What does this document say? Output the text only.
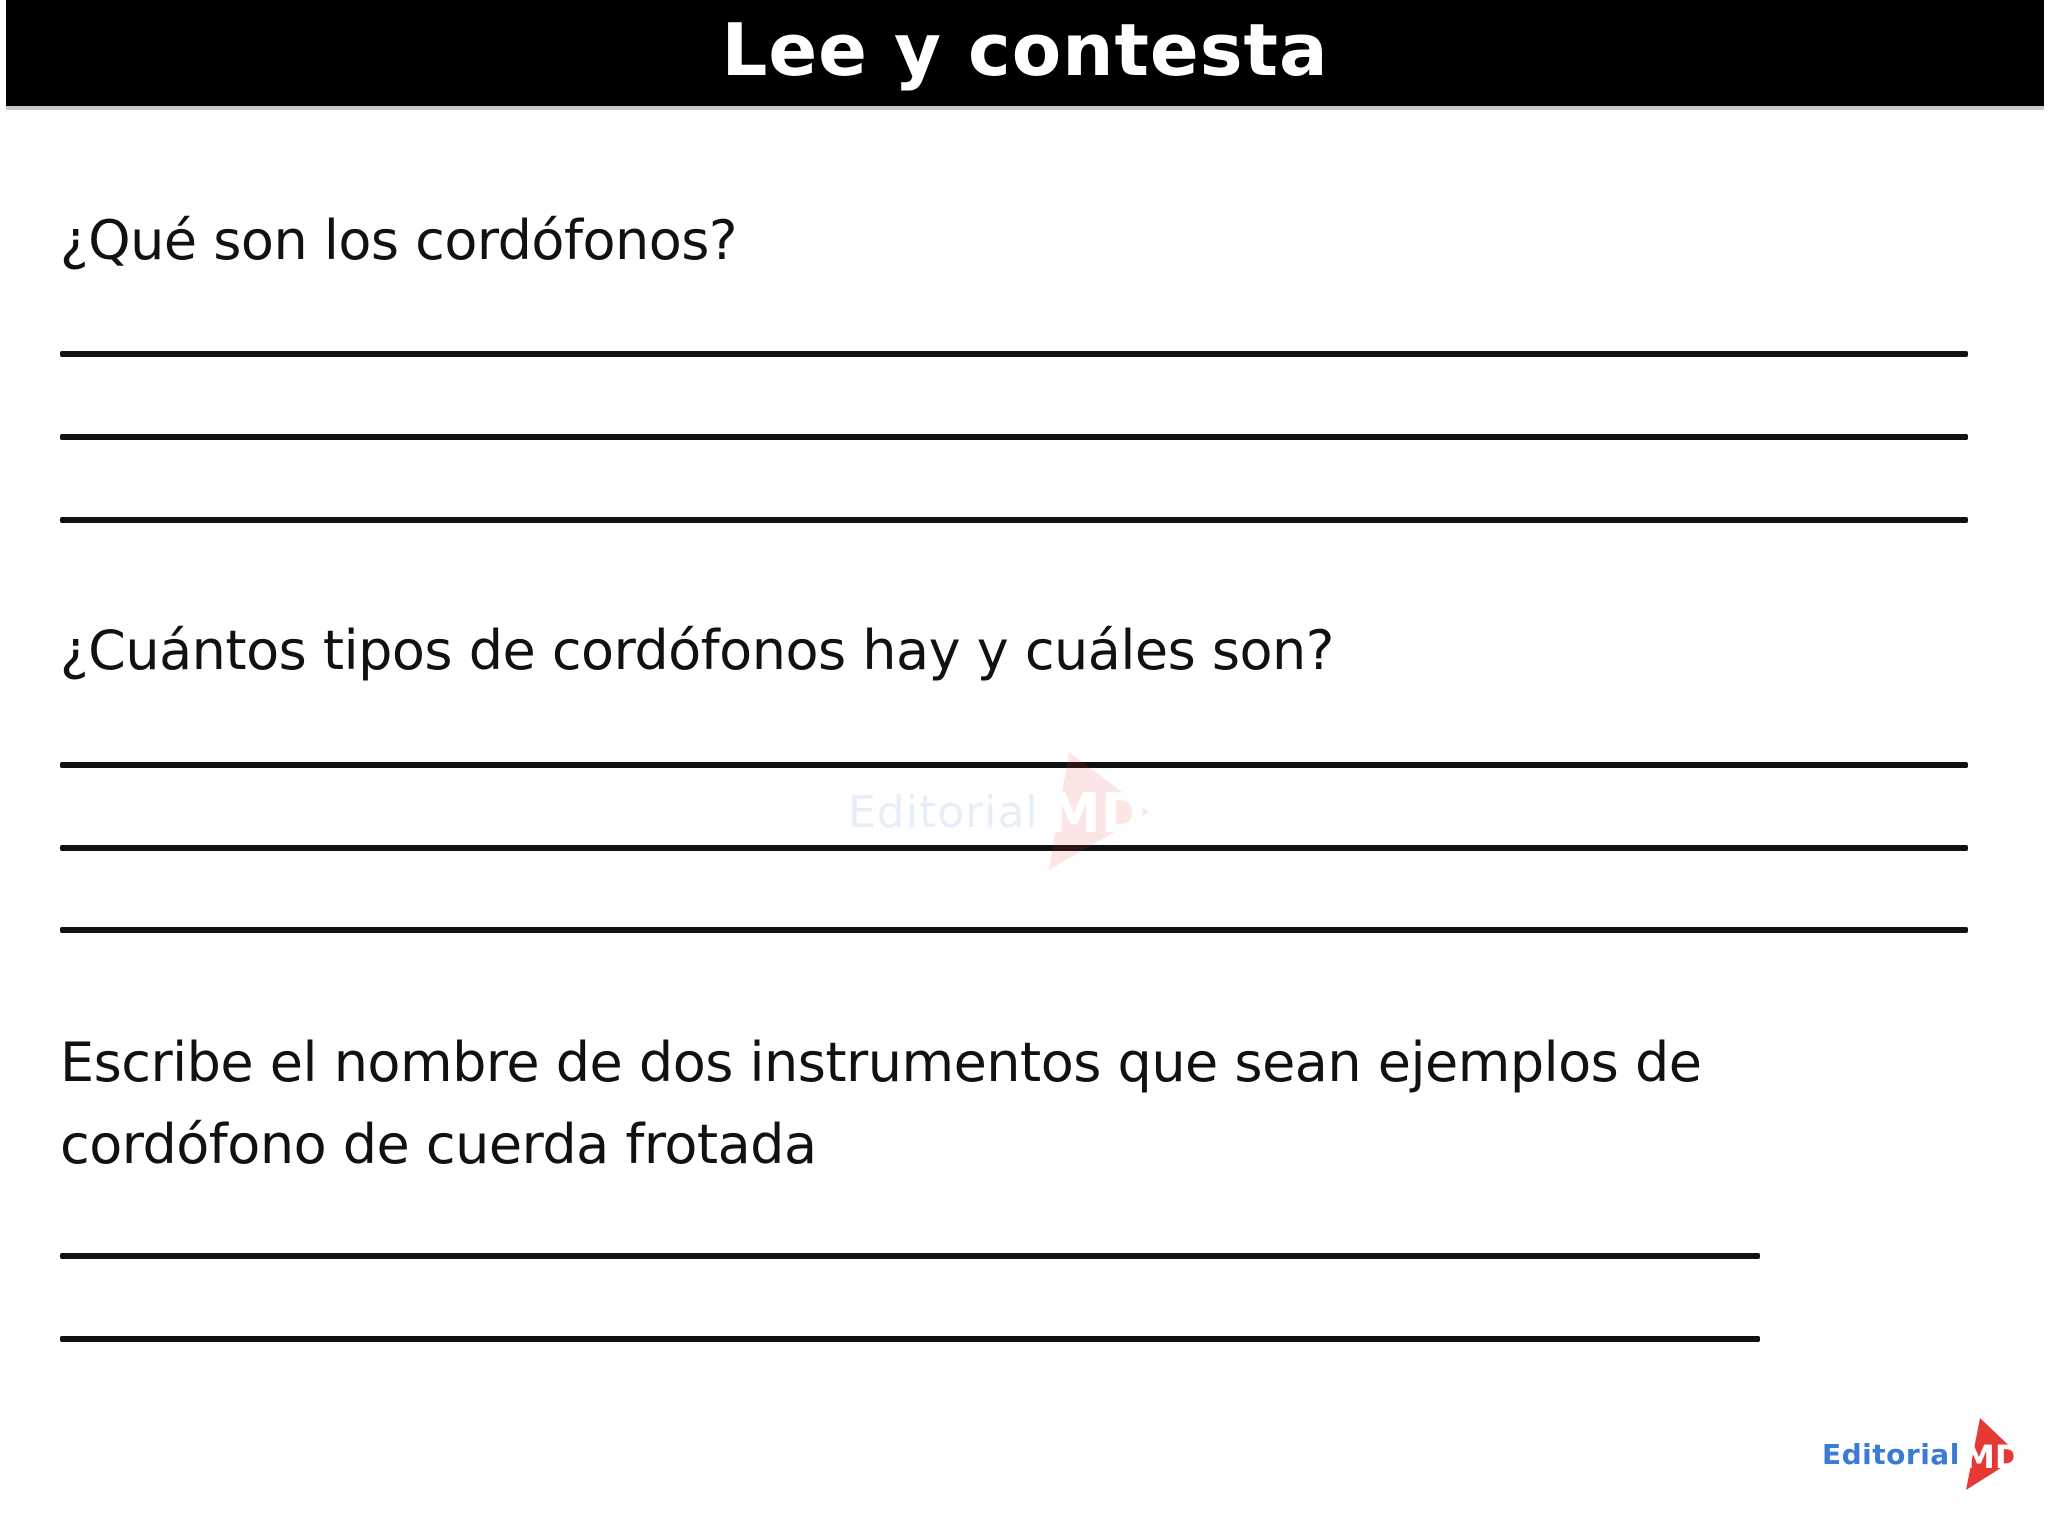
Lee y contesta

¿Qué son los cordófonos?

¿Cuántos tipos de cordófonos hay y cuáles son?

Escribe el nombre de dos instrumentos que sean ejemplos de

cordófono de cuerda frotada

Editorial MD
Editorial MD
